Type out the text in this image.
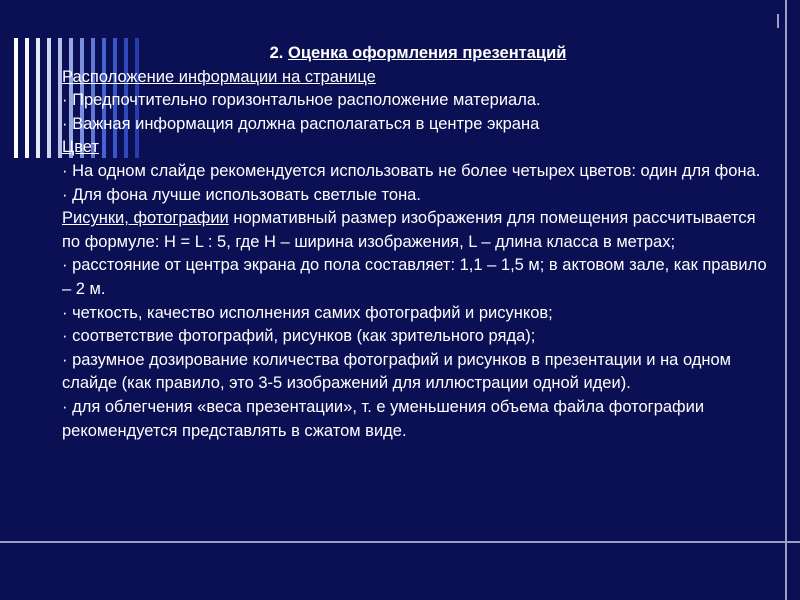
2. Оценка оформления презентаций

Расположение информации на странице

· Предпочтительно горизонтальное расположение материала.

· Важная информация должна располагаться в центре экрана

Цвет

· На одном слайде рекомендуется использовать не более четырех цветов: один для фона.

· Для фона лучше использовать светлые тона.

Рисунки, фотографии нормативный размер изображения для помещения рассчитывается по формуле: H = L : 5, где H – ширина изображения, L – длина класса в метрах;

· расстояние от центра экрана до пола составляет: 1,1 – 1,5 м; в актовом зале, как правило – 2 м.

· четкость, качество исполнения самих фотографий и рисунков;

· соответствие фотографий, рисунков (как зрительного ряда);

· разумное дозирование количества фотографий и рисунков в презентации и на одном слайде (как правило, это 3-5 изображений для иллюстрации одной идеи).

· для облегчения «веса презентации», т. е уменьшения объема файла фотографии рекомендуется представлять в сжатом виде.
